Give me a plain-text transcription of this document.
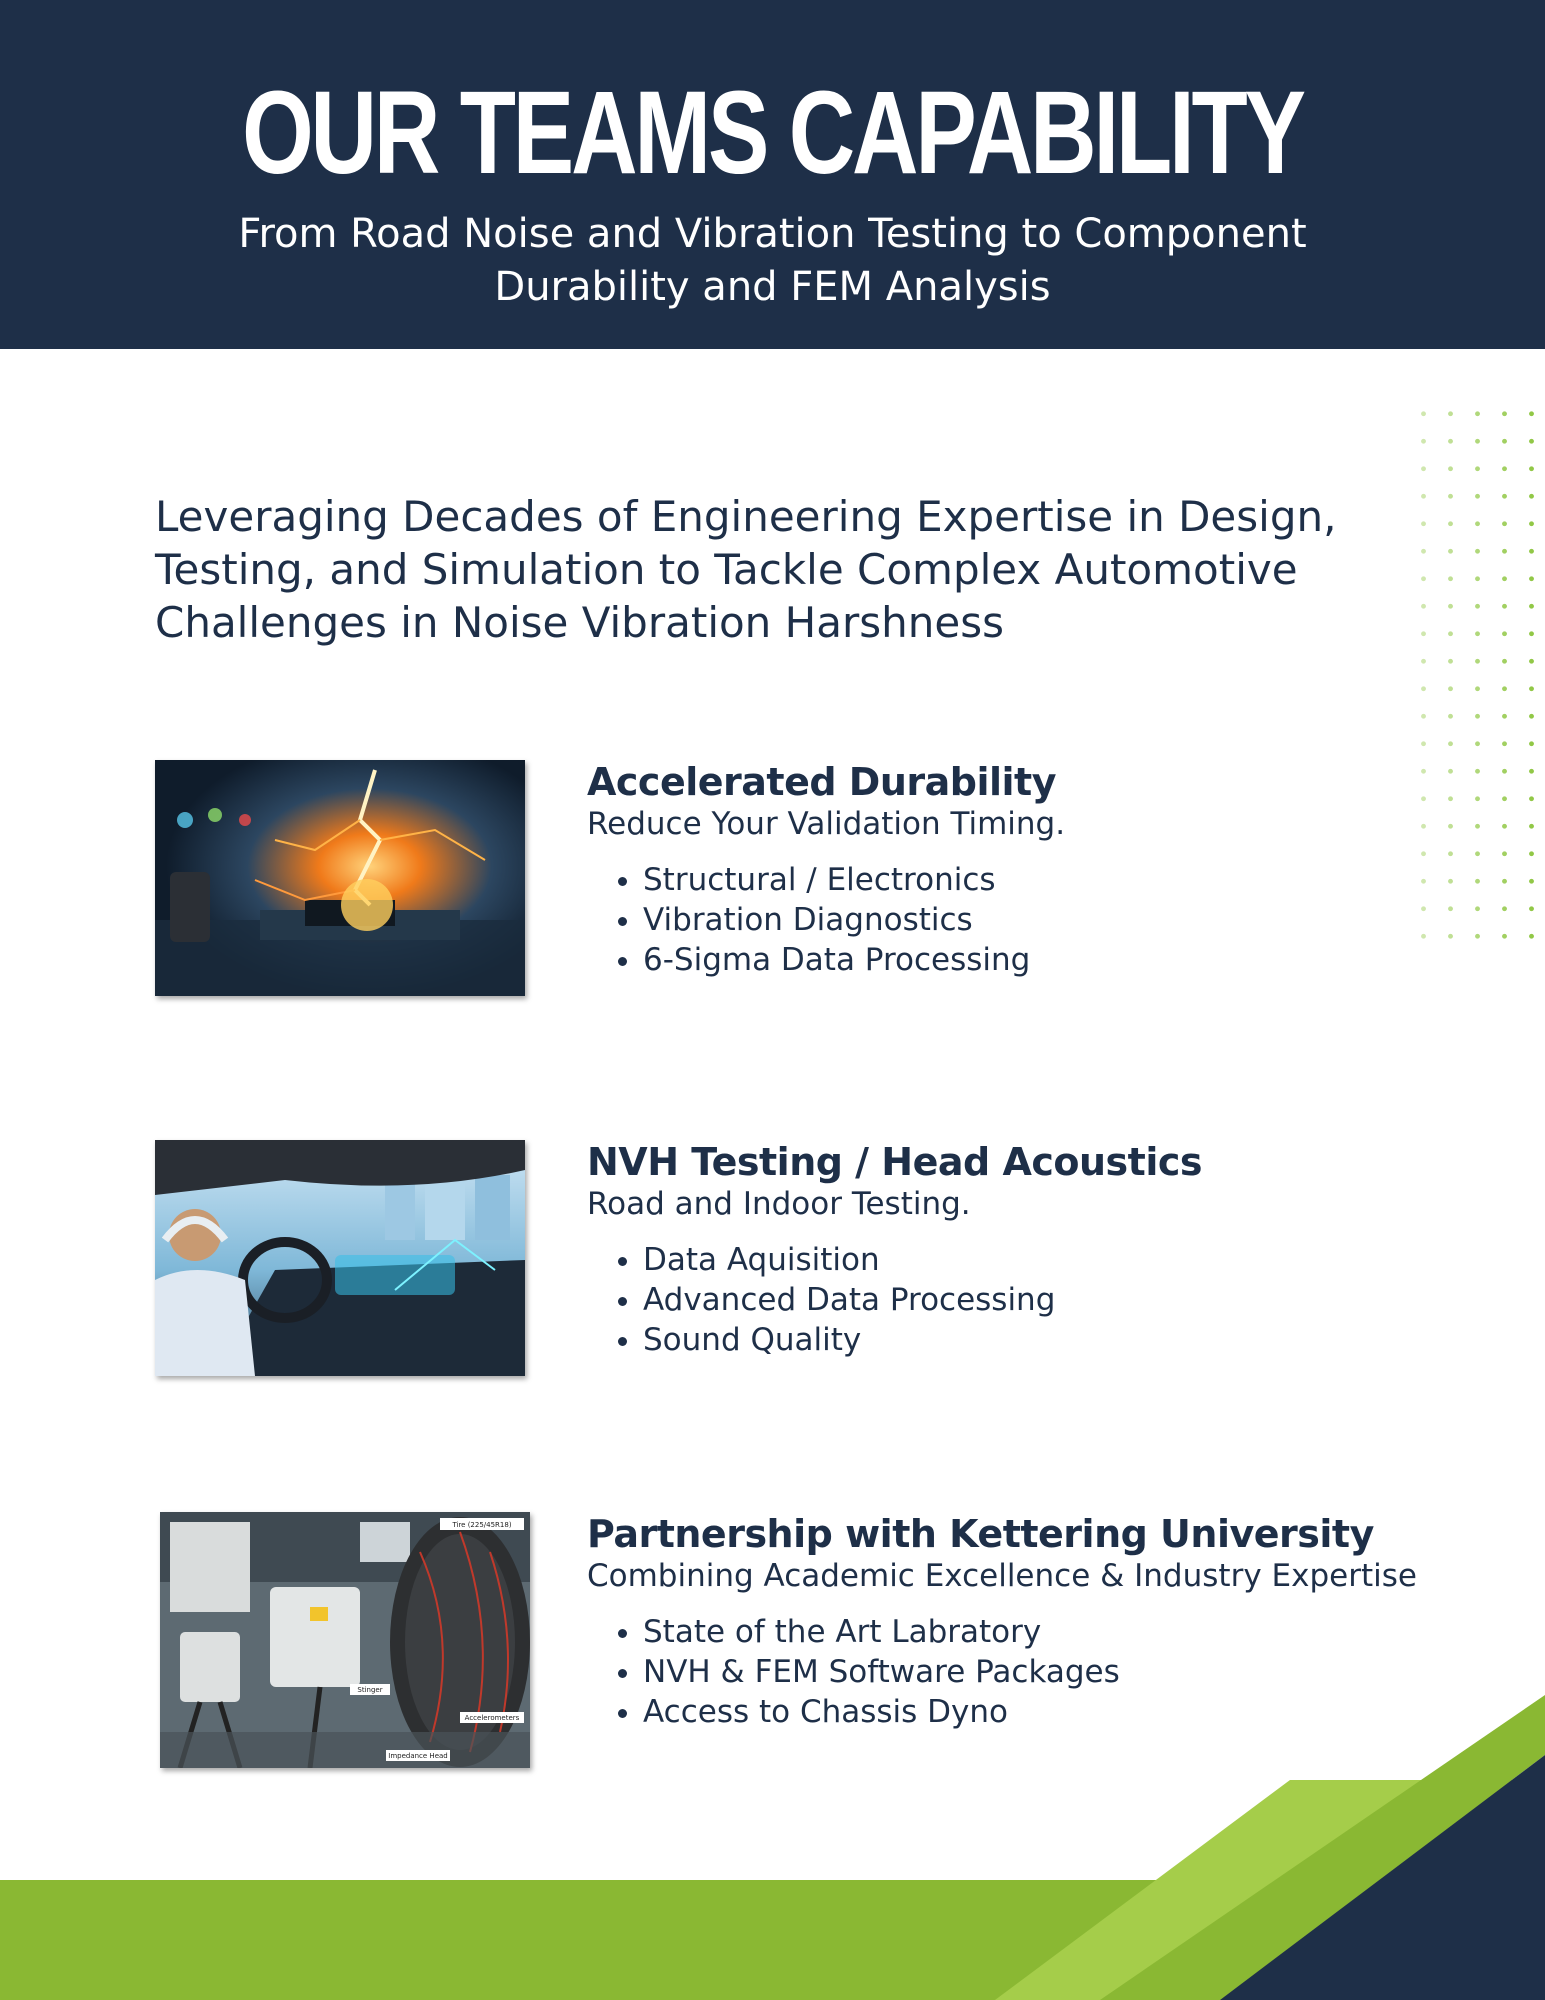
OUR TEAMS CAPABILITY
From Road Noise and Vibration Testing to Component Durability and FEM Analysis
Leveraging Decades of Engineering Expertise in Design, Testing, and Simulation to Tackle Complex Automotive Challenges in Noise Vibration Harshness

Accelerated Durability

Reduce Your Validation Timing.

• Structural / Electronics
• Vibration Diagnostics
• 6-Sigma Data Processing

NVH Testing / Head Acoustics

Road and Indoor Testing.

• Data Aquisition
• Advanced Data Processing
• Sound Quality
Tire (225/45R18)
Stinger
Accelerometers
Impedance Head

Partnership with Kettering University

Combining Academic Excellence & Industry Expertise

• State of the Art Labratory
• NVH & FEM Software Packages
• Access to Chassis Dyno
